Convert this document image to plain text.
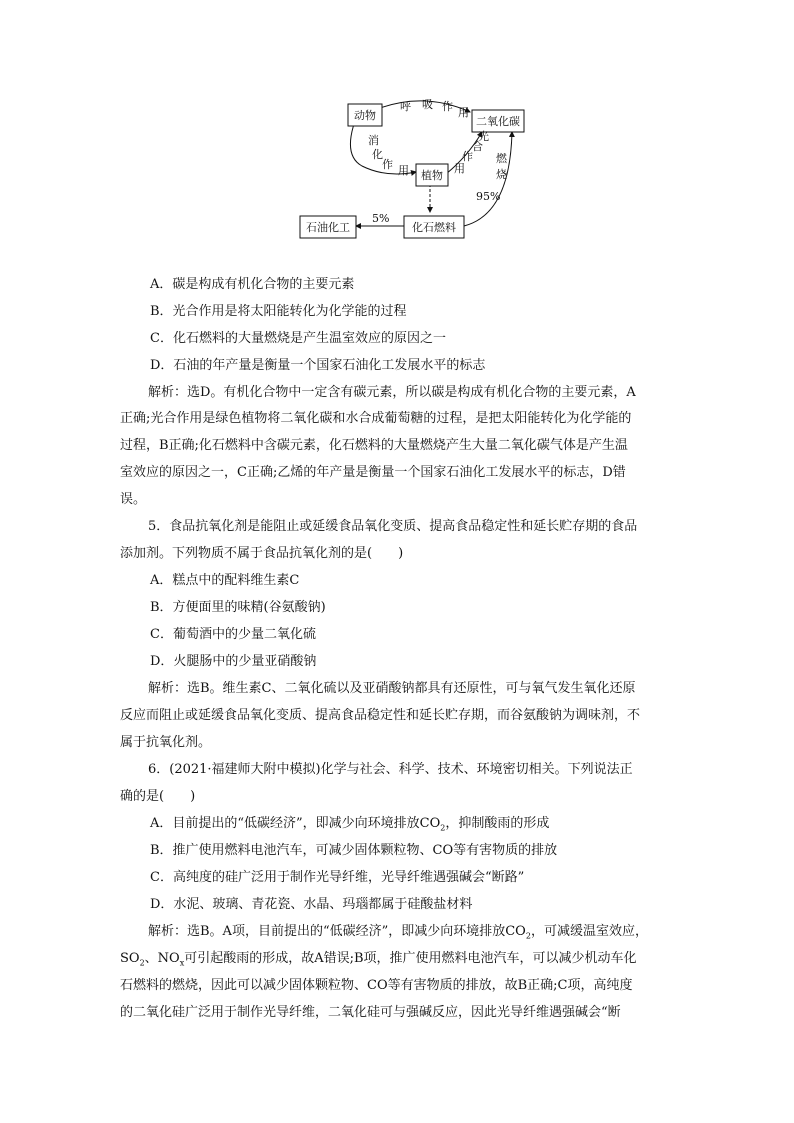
动物	二氧化碳
植物
化石燃料
石油化工
呼 吸 作 用
消
化
作 用	用
作
合
光
燃
烧
95%
5%
A．碳是构成有机化合物的主要元素
B．光合作用是将太阳能转化为化学能的过程
C．化石燃料的大量燃烧是产生温室效应的原因之一
D．石油的年产量是衡量一个国家石油化工发展水平的标志
解析：选D。有机化合物中一定含有碳元素，所以碳是构成有机化合物的主要元素，A
正确;光合作用是绿色植物将二氧化碳和水合成葡萄糖的过程，是把太阳能转化为化学能的
过程，B正确;化石燃料中含碳元素，化石燃料的大量燃烧产生大量二氧化碳气体是产生温
室效应的原因之一，C正确;乙烯的年产量是衡量一个国家石油化工发展水平的标志，D错
误。
5．食品抗氧化剂是能阻止或延缓食品氧化变质、提高食品稳定性和延长贮存期的食品
添加剂。下列物质不属于食品抗氧化剂的是(　　)
A．糕点中的配料维生素C
B．方便面里的味精(谷氨酸钠)
C．葡萄酒中的少量二氧化硫
D．火腿肠中的少量亚硝酸钠
解析：选B。维生素C、二氧化硫以及亚硝酸钠都具有还原性，可与氧气发生氧化还原
反应而阻止或延缓食品氧化变质、提高食品稳定性和延长贮存期，而谷氨酸钠为调味剂，不
属于抗氧化剂。
6．(2021·福建师大附中模拟)化学与社会、科学、技术、环境密切相关。下列说法正
确的是(　　)
A．目前提出的“低碳经济”，即减少向环境排放$CO_2$，抑制酸雨的形成
B．推广使用燃料电池汽车，可减少固体颗粒物、CO等有害物质的排放
C．高纯度的硅广泛用于制作光导纤维，光导纤维遇强碱会“断路”
D．水泥、玻璃、青花瓷、水晶、玛瑙都属于硅酸盐材料
解析：选B。A项，目前提出的“低碳经济”，即减少向环境排放$CO_2$，可减缓温室效应，
$SO_2$、$NO_x$可引起酸雨的形成，故A错误;B项，推广使用燃料电池汽车，可以减少机动车化
石燃料的燃烧，因此可以减少固体颗粒物、CO等有害物质的排放，故B正确;C项，高纯度
的二氧化硅广泛用于制作光导纤维，二氧化硅可与强碱反应，因此光导纤维遇强碱会“断
